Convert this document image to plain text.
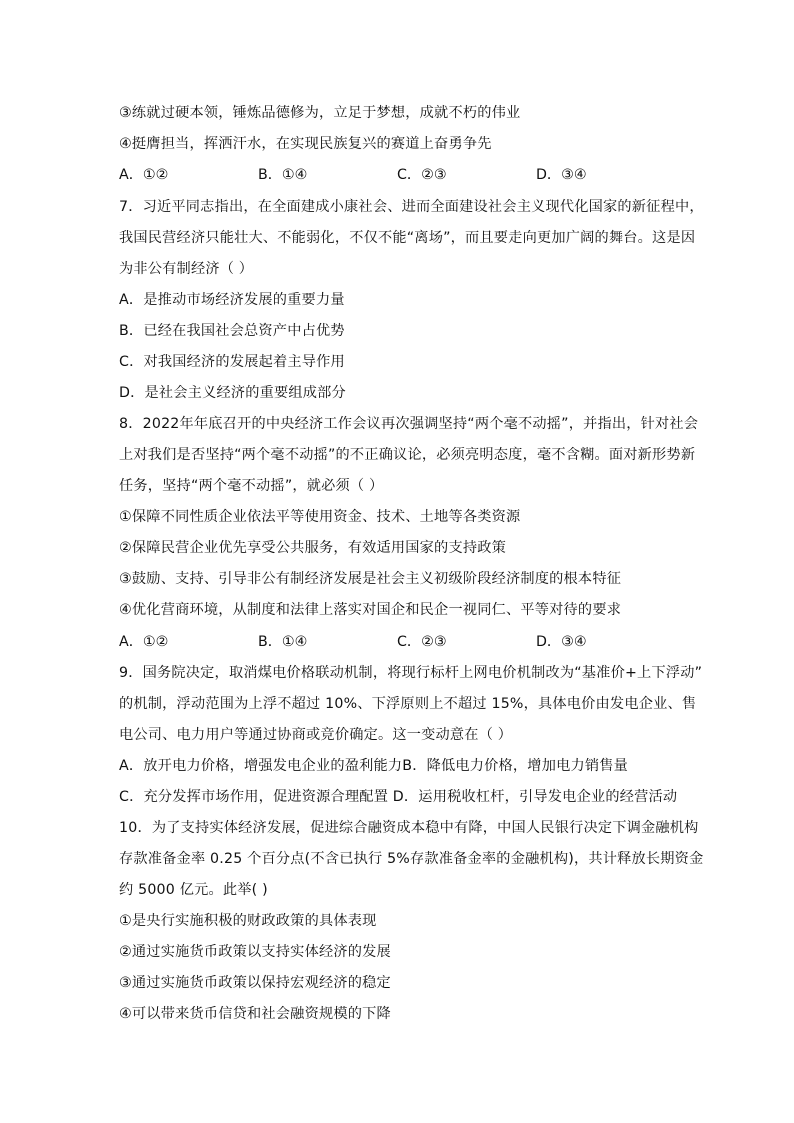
③练就过硬本领，锤炼品德修为，立足于梦想，成就不朽的伟业
④挺膺担当，挥洒汗水，在实现民族复兴的赛道上奋勇争先
A．①②	B．①④	C．②③	D．③④
7．习近平同志指出，在全面建成小康社会、进而全面建设社会主义现代化国家的新征程中，
我国民营经济只能壮大、不能弱化，不仅不能“离场”，而且要走向更加广阔的舞台。这是因
为非公有制经济（ ）
A．是推动市场经济发展的重要力量
B．已经在我国社会总资产中占优势
C．对我国经济的发展起着主导作用
D．是社会主义经济的重要组成部分
8．2022年年底召开的中央经济工作会议再次强调坚持“两个毫不动摇”，并指出，针对社会
上对我们是否坚持“两个毫不动摇”的不正确议论，必须亮明态度，毫不含糊。面对新形势新
任务，坚持“两个毫不动摇”，就必须（ ）
①保障不同性质企业依法平等使用资金、技术、土地等各类资源
②保障民营企业优先享受公共服务，有效适用国家的支持政策
③鼓励、支持、引导非公有制经济发展是社会主义初级阶段经济制度的根本特征
④优化营商环境，从制度和法律上落实对国企和民企一视同仁、平等对待的要求
A．①②	B．①④	C．②③	D．③④
9．国务院决定，取消煤电价格联动机制，将现行标杆上网电价机制改为“基准价+上下浮动”
的机制，浮动范围为上浮不超过 10%、下浮原则上不超过 15%，具体电价由发电企业、售
电公司、电力用户等通过协商或竞价确定。这一变动意在（ ）
A．放开电力价格，增强发电企业的盈利能力B．降低电力价格，增加电力销售量
C．充分发挥市场作用，促进资源合理配置 D．运用税收杠杆，引导发电企业的经营活动
10．为了支持实体经济发展，促进综合融资成本稳中有降，中国人民银行决定下调金融机构
存款准备金率 0.25 个百分点(不含已执行 5%存款准备金率的金融机构)，共计释放长期资金
约 5000 亿元。此举( )
①是央行实施积极的财政政策的具体表现
②通过实施货币政策以支持实体经济的发展
③通过实施货币政策以保持宏观经济的稳定
④可以带来货币信贷和社会融资规模的下降
